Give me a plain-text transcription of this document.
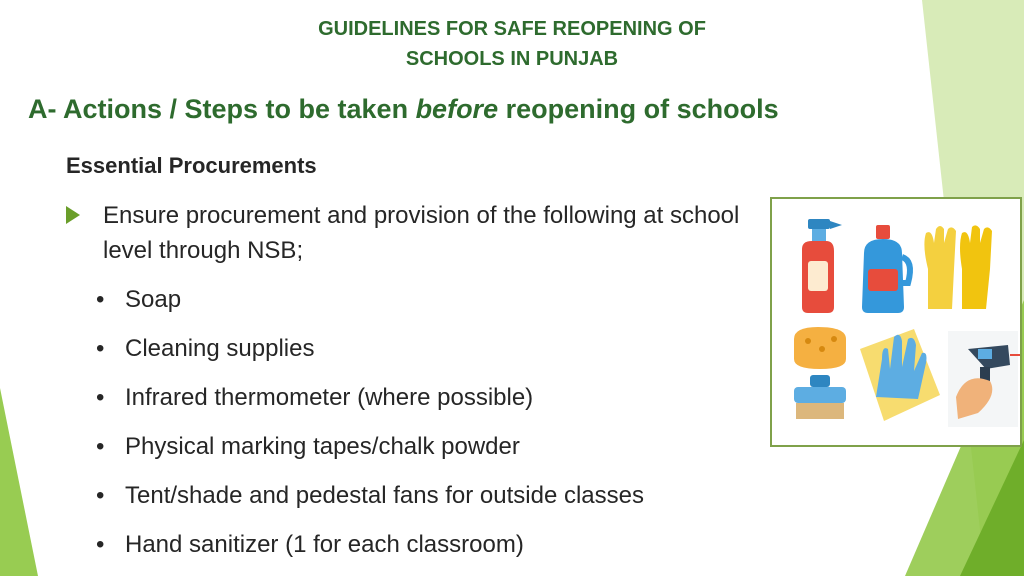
GUIDELINES FOR SAFE REOPENING OF
SCHOOLS IN PUNJAB
A- Actions / Steps to be taken before reopening of schools
Essential Procurements
Ensure procurement and provision of the following at school level through NSB;
• Soap
• Cleaning supplies
• Infrared thermometer (where possible)
• Physical marking tapes/chalk powder
• Tent/shade and pedestal fans for outside classes
• Hand sanitizer (1 for each classroom)
